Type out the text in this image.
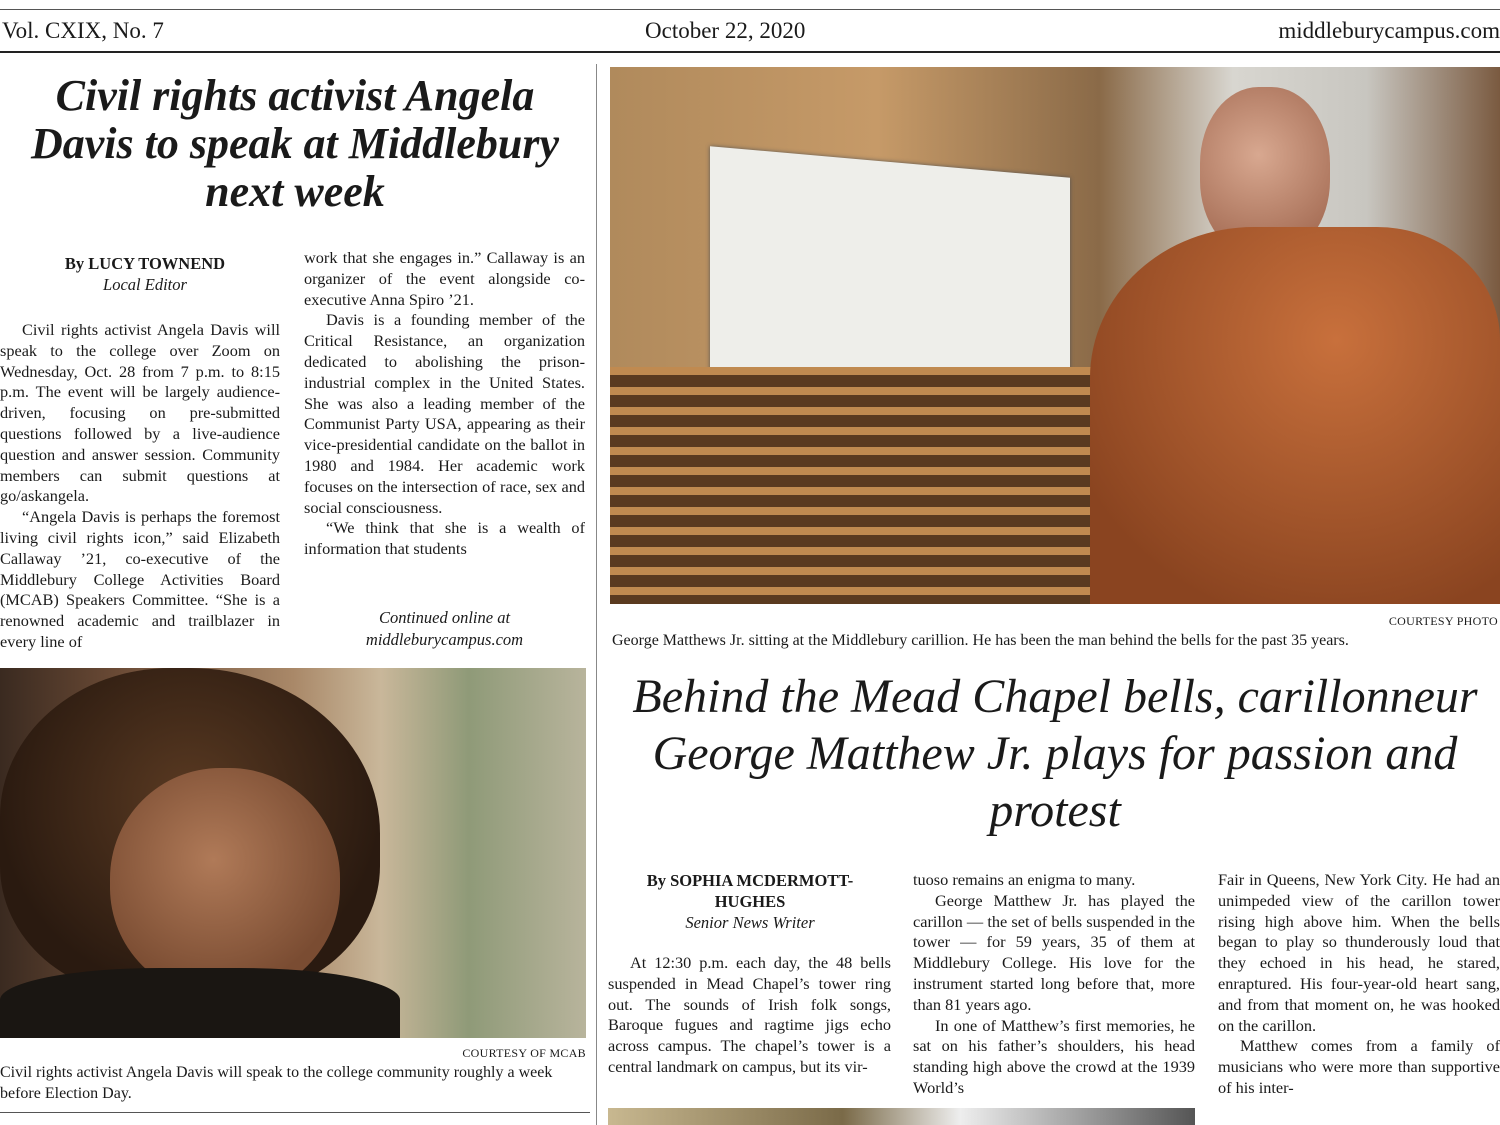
Vol. CXIX, No. 7	October 22, 2020	middleburycampus.com
Civil rights activist Angela Davis to speak at Middlebury next week
By LUCY TOWNEND
Local Editor

Civil rights activist Angela Davis will speak to the college over Zoom on Wednesday, Oct. 28 from 7 p.m. to 8:15 p.m. The event will be largely audience-driven, focusing on pre-submitted questions followed by a live-audience question and answer session. Community members can submit questions at go/askangela.

“Angela Davis is perhaps the foremost living civil rights icon,” said Elizabeth Callaway ’21, co-executive of the Middlebury College Activities Board (MCAB) Speakers Committee. “She is a renowned academic and trailblazer in every line of

work that she engages in.” Callaway is an organizer of the event alongside co-executive Anna Spiro ’21.

Davis is a founding member of the Critical Resistance, an organization dedicated to abolishing the prison-industrial complex in the United States. She was also a leading member of the Communist Party USA, appearing as their vice-presidential candidate on the ballot in 1980 and 1984. Her academic work focuses on the intersection of race, sex and social consciousness.

“We think that she is a wealth of information that students

Continued online at
middleburycampus.com
COURTESY OF MCAB
Civil rights activist Angela Davis will speak to the college community roughly a week before Election Day.
COURTESY PHOTO
George Matthews Jr. sitting at the Middlebury carillion. He has been the man behind the bells for the past 35 years.
Behind the Mead Chapel bells, carillonneur George Matthew Jr. plays for passion and protest
By SOPHIA MCDERMOTT-HUGHES
Senior News Writer

At 12:30 p.m. each day, the 48 bells suspended in Mead Chapel’s tower ring out. The sounds of Irish folk songs, Baroque fugues and ragtime jigs echo across campus. The chapel’s tower is a central landmark on campus, but its vir-

tuoso remains an enigma to many.

George Matthew Jr. has played the carillon — the set of bells suspended in the tower — for 59 years, 35 of them at Middlebury College. His love for the instrument started long before that, more than 81 years ago.

In one of Matthew’s first memories, he sat on his father’s shoulders, his head standing high above the crowd at the 1939 World’s

Fair in Queens, New York City. He had an unimpeded view of the carillon tower rising high above him. When the bells began to play so thunderously loud that they echoed in his head, he stared, enraptured. His four-year-old heart sang, and from that moment on, he was hooked on the carillon.

Matthew comes from a family of musicians who were more than supportive of his inter-
